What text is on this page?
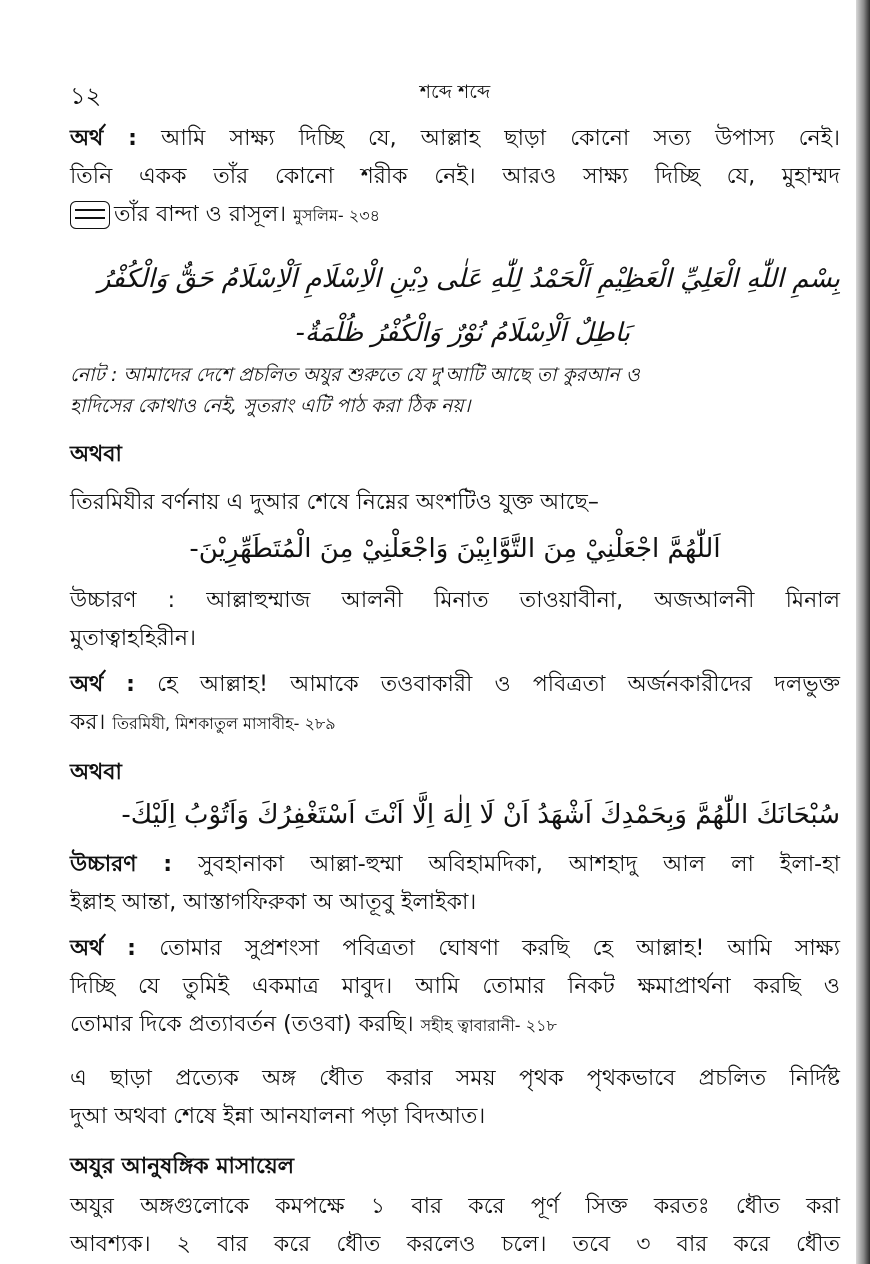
১২	শব্দে শব্দে
অর্থ : আমি সাক্ষ্য দিচ্ছি যে, আল্লাহ ছাড়া কোনো সত্য উপাস্য নেই।
তিনি একক তাঁর কোনো শরীক নেই। আরও সাক্ষ্য দিচ্ছি যে, মুহাম্মদ
তাঁর বান্দা ও রাসূল। মুসলিম- ২৩৪
بِسْمِ اللّٰهِ الْعَلِيِّ الْعَظِيْمِ اَلْحَمْدُ لِلّٰهِ عَلٰى دِيْنِ الْاِسْلَامِ اَلْاِسْلَامُ حَقٌّ وَالْكُفْرُ
بَاطِلٌ اَلْاِسْلَامُ نُوْرٌ وَالْكُفْرُ ظُلْمَةٌ-
নোট : আমাদের দেশে প্রচলিত অযুর শুরুতে যে দু'আটি আছে তা কুরআন ও
হাদিসের কোথাও নেই, সুতরাং এটি পাঠ করা ঠিক নয়।
অথবা
তিরমিযীর বর্ণনায় এ দুআর শেষে নিম্নের অংশটিও যুক্ত আছে–
اَللّٰهُمَّ اجْعَلْنِيْ مِنَ التَّوَّابِيْنَ وَاجْعَلْنِيْ مِنَ الْمُتَطَهِّرِيْنَ-
উচ্চারণ : আল্লাহুম্মাজ আলনী মিনাত তাওয়াবীনা, অজআলনী মিনাল
মুতাত্বাহহিরীন।
অর্থ : হে আল্লাহ! আমাকে তওবাকারী ও পবিত্রতা অর্জনকারীদের দলভুক্ত
কর। তিরমিযী, মিশকাতুল মাসাবীহ- ২৮৯
অথবা
سُبْحَانَكَ اللّٰهُمَّ وَبِحَمْدِكَ اَشْهَدُ اَنْ لَا اِلٰهَ اِلَّا اَنْتَ اَسْتَغْفِرُكَ وَاَتُوْبُ اِلَيْكَ-
উচ্চারণ : সুবহানাকা আল্লা-হুম্মা অবিহামদিকা, আশহাদু আল লা ইলা-হা
ইল্লাহ আন্তা, আস্তাগফিরুকা অ আতূবু ইলাইকা।
অর্থ : তোমার সুপ্রশংসা পবিত্রতা ঘোষণা করছি হে আল্লাহ! আমি সাক্ষ্য
দিচ্ছি যে তুমিই একমাত্র মাবুদ। আমি তোমার নিকট ক্ষমাপ্রার্থনা করছি ও
তোমার দিকে প্রত্যাবর্তন (তওবা) করছি। সহীহ ত্বাবারানী- ২১৮
এ ছাড়া প্রত্যেক অঙ্গ ধৌত করার সময় পৃথক পৃথকভাবে প্রচলিত নির্দিষ্ট
দুআ অথবা শেষে ইন্না আনযালনা পড়া বিদআত।
অযুর আনুষঙ্গিক মাসায়েল
অযুর অঙ্গগুলোকে কমপক্ষে ১ বার করে পূর্ণ সিক্ত করতঃ ধৌত করা
আবশ্যক। ২ বার করে ধৌত করলেও চলে। তবে ৩ বার করে ধৌত
